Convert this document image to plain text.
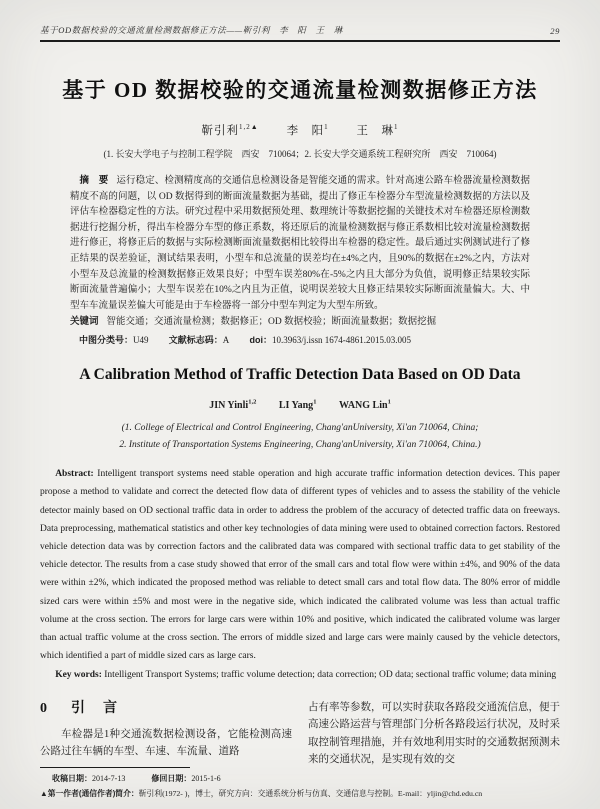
基于OD数据校验的交通流量检测数据修正方法——靳引利　李　阳　王　琳	29
基于 OD 数据校验的交通流量检测数据修正方法
靳引利$^{1,2▲}$ 李　阳$^1$ 王　琳$^1$
(1. 长安大学电子与控制工程学院　西安　710064；2. 长安大学交通系统工程研究所　西安　710064)

摘　要 运行稳定、检测精度高的交通信息检测设备是智能交通的需求。针对高速公路车检器流量检测数据精度不高的问题，以 OD 数据得到的断面流量数据为基础，提出了修正车检器分车型流量检测数据的方法以及评估车检器稳定性的方法。研究过程中采用数据预处理、数理统计等数据挖掘的关键技术对车检器还原检测数据进行挖掘分析，得出车检器分车型的修正系数，将还原后的流量检测数据与修正系数相比较对流量检测数据进行修正，将修正后的数据与实际检测断面流量数据相比较得出车检器的稳定性。最后通过实例测试进行了修正结果的误差验证，测试结果表明，小型车和总流量的误差均在±4%之内，且90%的数据在±2%之内，方法对小型车及总流量的检测数据修正效果良好；中型车误差80%在-5%之内且大部分为负值，说明修正结果较实际断面流量普遍偏小；大型车误差在10%之内且为正值，说明误差较大且修正结果较实际断面流量偏大。大、中型车车流量误差偏大可能是由于车检器将一部分中型车判定为大型车所致。

关键词 智能交通；交通流量检测；数据修正；OD 数据校验；断面流量数据；数据挖掘

中图分类号：U49 文献标志码：A doi：10.3963/j.issn 1674-4861.2015.03.005

A Calibration Method of Traffic Detection Data Based on OD Data
JIN Yinli$^{1,2}$ LI Yang$^1$ WANG Lin$^1$
(1. College of Electrical and Control Engineering, Chang'anUniversity, Xi'an 710064, China;
2. Institute of Transportation Systems Engineering, Chang'anUniversity, Xi'an 710064, China.)

Abstract: Intelligent transport systems need stable operation and high accurate traffic information detection devices. This paper propose a method to validate and correct the detected flow data of different types of vehicles and to assess the stability of the vehicle detector mainly based on OD sectional traffic data in order to address the problem of the accuracy of detected traffic data on freeways. Data preprocessing, mathematical statistics and other key technologies of data mining were used to obtained correction factors. Restored vehicle detection data was by correction factors and the calibrated data was compared with sectional traffic data to get stability of the vehicle detector. The results from a case study showed that error of the small cars and total flow were within ±4%, and 90% of the data were within ±2%, which indicated the proposed method was reliable to detect small cars and total flow data. The 80% error of middle sized cars were within ±5% and most were in the negative side, which indicated the calibrated volume was less than actual traffic volume at the cross section. The errors for large cars were within 10% and positive, which indicated the calibrated volume was larger than actual traffic volume at the cross section. The errors of middle sized and large cars were mainly caused by the vehicle detectors, which identified a part of middle sized cars as large cars.

Key words: Intelligent Transport Systems; traffic volume detection; data correction; OD data; sectional traffic volume; data mining

0 引　言

车检器是1种交通流数据检测设备，它能检测高速公路过往车辆的车型、车速、车流量、道路

占有率等参数，可以实时获取各路段交通流信息，便于高速公路运营与管理部门分析各路段运行状况，及时采取控制管理措施，并有效地利用实时的交通数据预测未来的交通状况，是实现有效的交

收稿日期：2014-7-13	修回日期：2015-1-6
▲第一作者(通信作者)简介：靳引利(1972- )，博士，研究方向：交通系统分析与仿真、交通信息与控制。E-mail：yljin@chd.edu.cn
